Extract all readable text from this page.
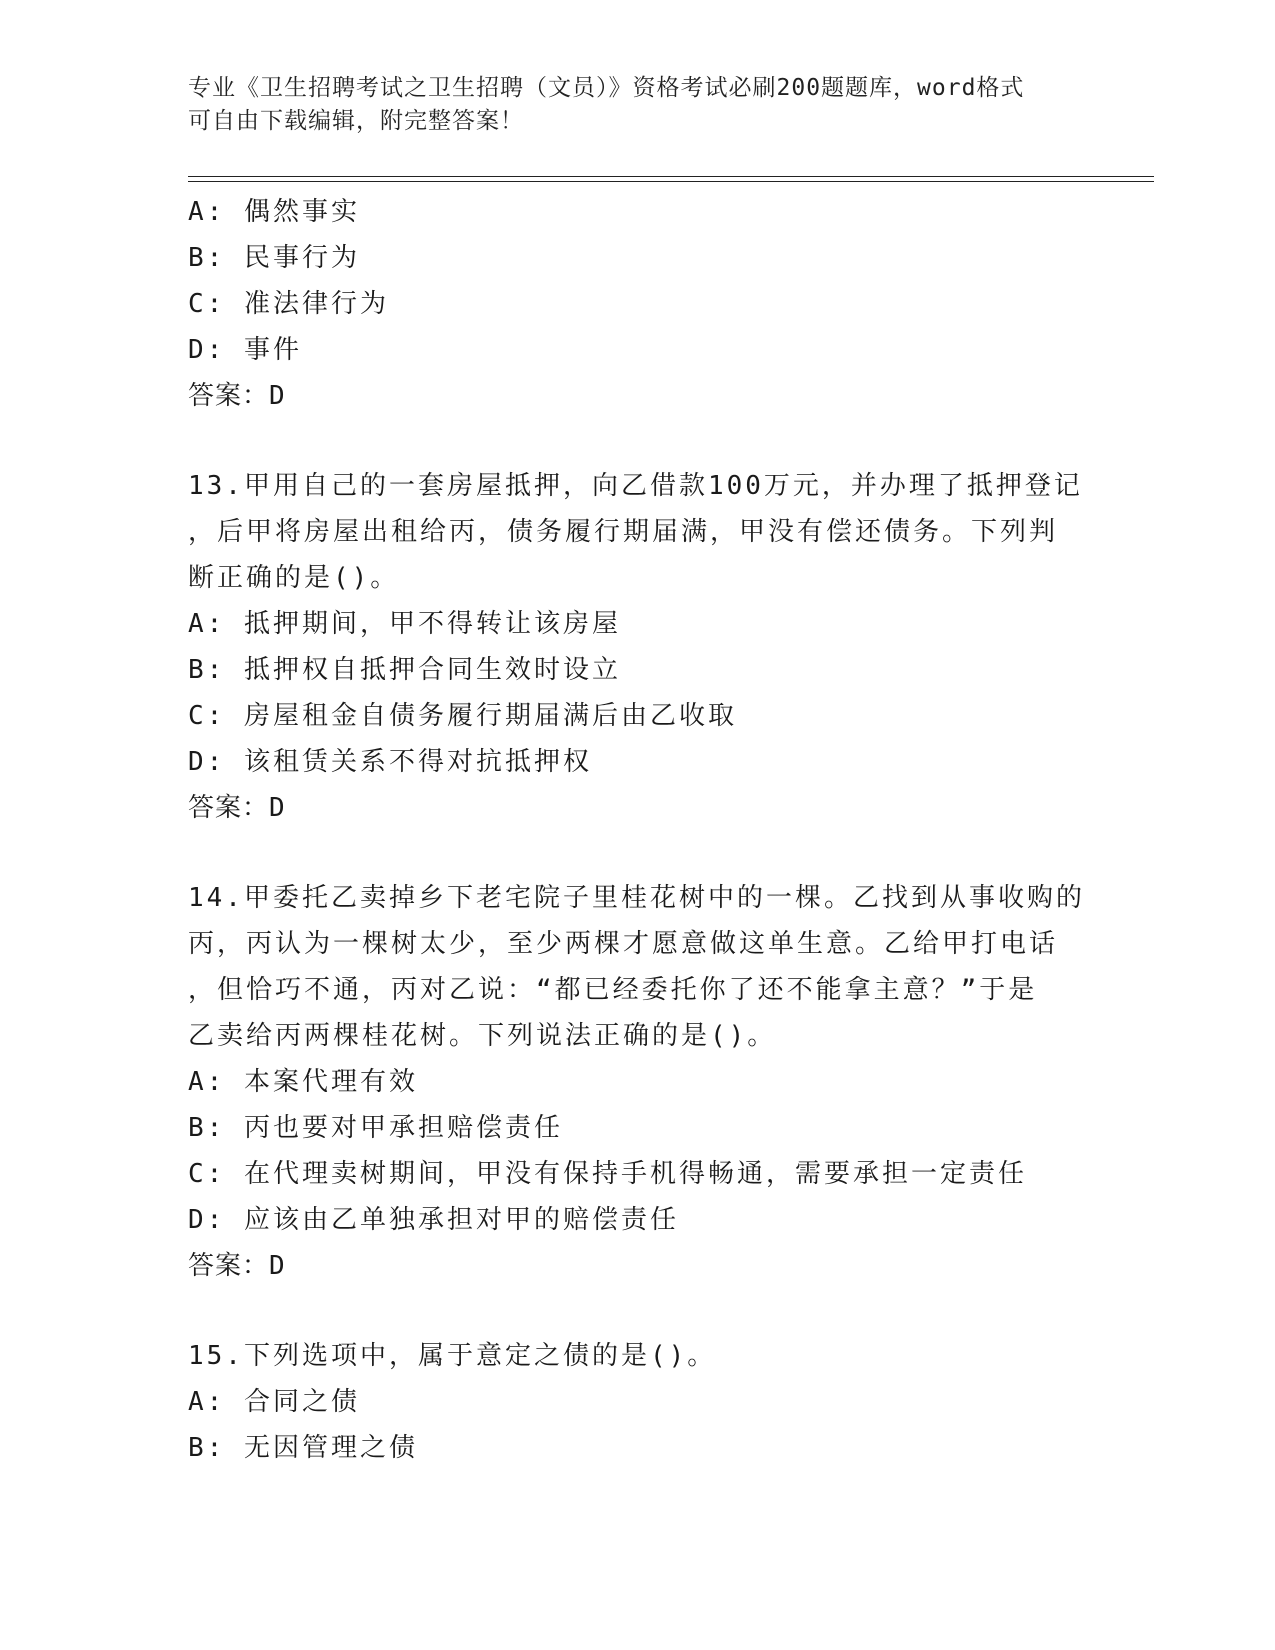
专业《卫生招聘考试之卫生招聘（文员）》资格考试必刷200题题库，word格式
可自由下载编辑，附完整答案！
A: 偶然事实
B: 民事行为
C: 准法律行为
D: 事件
答案：D
13.甲用自己的一套房屋抵押，向乙借款100万元，并办理了抵押登记
，后甲将房屋出租给丙，债务履行期届满，甲没有偿还债务。下列判
断正确的是()。
A: 抵押期间，甲不得转让该房屋
B: 抵押权自抵押合同生效时设立
C: 房屋租金自债务履行期届满后由乙收取
D: 该租赁关系不得对抗抵押权
答案：D
14.甲委托乙卖掉乡下老宅院子里桂花树中的一棵。乙找到从事收购的
丙，丙认为一棵树太少，至少两棵才愿意做这单生意。乙给甲打电话
，但恰巧不通，丙对乙说：“都已经委托你了还不能拿主意？”于是
乙卖给丙两棵桂花树。下列说法正确的是()。
A: 本案代理有效
B: 丙也要对甲承担赔偿责任
C: 在代理卖树期间，甲没有保持手机得畅通，需要承担一定责任
D: 应该由乙单独承担对甲的赔偿责任
答案：D
15.下列选项中，属于意定之债的是()。
A: 合同之债
B: 无因管理之债
